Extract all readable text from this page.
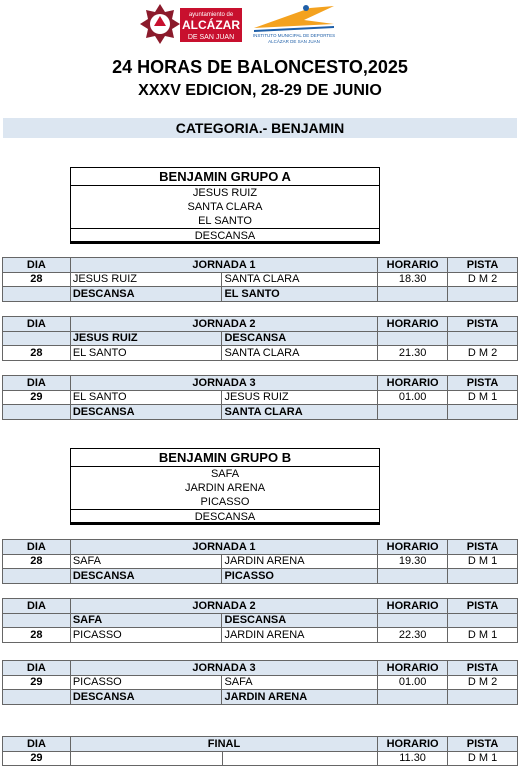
ayuntamiento de
ALCÁZAR
DE SAN JUAN	INSTITUTO MUNICIPAL DE DEPORTES
ALCÁZAR DE SAN JUAN
24 HORAS DE BALONCESTO,2025
XXXV EDICION, 28-29 DE JUNIO
CATEGORIA.- BENJAMIN
BENJAMIN GRUPO A
JESUS RUIZ
SANTA CLARA
EL SANTO
DESCANSA
DIA	JORNADA 1		HORARIO	PISTA
28	JESUS RUIZ	SANTA CLARA	18.30	D M 2
	DESCANSA	EL SANTO		
DIA	JORNADA 2		HORARIO	PISTA
	JESUS RUIZ	DESCANSA		
28	EL SANTO	SANTA CLARA	21.30	D M 2
DIA	JORNADA 3		HORARIO	PISTA
29	EL SANTO	JESUS RUIZ	01.00	D M 1
	DESCANSA	SANTA CLARA		
BENJAMIN GRUPO B
SAFA
JARDIN ARENA
PICASSO
DESCANSA
DIA	JORNADA 1		HORARIO	PISTA
28	SAFA	JARDIN ARENA	19.30	D M 1
	DESCANSA	PICASSO		
DIA	JORNADA 2		HORARIO	PISTA
	SAFA	DESCANSA		
28	PICASSO	JARDIN ARENA	22.30	D M 1
DIA	JORNADA 3		HORARIO	PISTA
29	PICASSO	SAFA	01.00	D M 2
	DESCANSA	JARDIN ARENA		
DIA	FINAL		HORARIO	PISTA
29			11.30	D M 1
